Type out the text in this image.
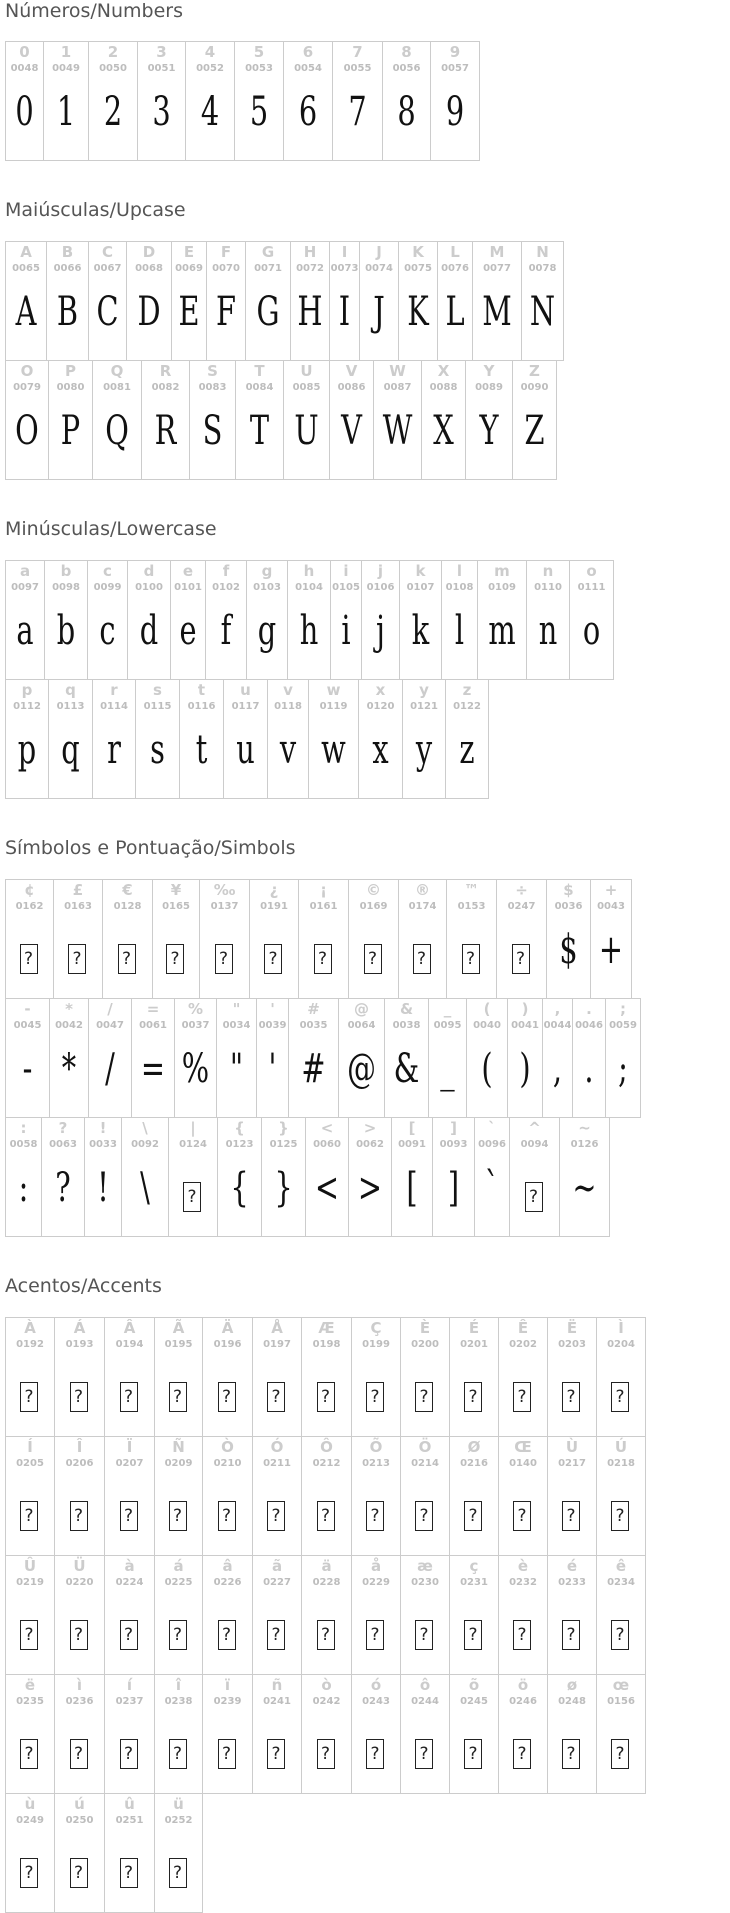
Números/Numbers
0
0048
0
1
0049
1
2
0050
2
3
0051
3
4
0052
4
5
0053
5
6
0054
6
7
0055
7
8
0056
8
9
0057
9
Maiúsculas/Upcase
A
0065
A
B
0066
B
C
0067
C
D
0068
D
E
0069
E
F
0070
F
G
0071
G
H
0072
H
I
0073
I
J
0074
J
K
0075
K
L
0076
L
M
0077
M
N
0078
N
O
0079
O
P
0080
P
Q
0081
Q
R
0082
R
S
0083
S
T
0084
T
U
0085
U
V
0086
V
W
0087
W
X
0088
X
Y
0089
Y
Z
0090
Z
Minúsculas/Lowercase
a
0097
a
b
0098
b
c
0099
c
d
0100
d
e
0101
e
f
0102
f
g
0103
g
h
0104
h
i
0105
i
j
0106
j
k
0107
k
l
0108
l
m
0109
m
n
0110
n
o
0111
o
p
0112
p
q
0113
q
r
0114
r
s
0115
s
t
0116
t
u
0117
u
v
0118
v
w
0119
w
x
0120
x
y
0121
y
z
0122
z
Símbolos e Pontuação/Simbols
¢
0162
?
£
0163
?
€
0128
?
¥
0165
?
‰
0137
?
¿
0191
?
¡
0161
?
©
0169
?
®
0174
?
™
0153
?
÷
0247
?
$
0036
$
+
0043
+
-
0045
-
*
0042
*
/
0047
/
=
0061
=
%
0037
%
"
0034
"
'
0039
'
#
0035
#
@
0064
@
&
0038
&
_
0095
_
(
0040
(
)
0041
)
,
0044
,
.
0046
.
;
0059
;
:
0058
:
?
0063
?
!
0033
!
\
0092
\
|
0124
?
{
0123
{
}
0125
}
<
0060
<
>
0062
>
[
0091
[
]
0093
]
`
0096
`
^
0094
?
~
0126
~
Acentos/Accents
À
0192
?
Á
0193
?
Â
0194
?
Ã
0195
?
Ä
0196
?
Å
0197
?
Æ
0198
?
Ç
0199
?
È
0200
?
É
0201
?
Ê
0202
?
Ë
0203
?
Ì
0204
?
Í
0205
?
Î
0206
?
Ï
0207
?
Ñ
0209
?
Ò
0210
?
Ó
0211
?
Ô
0212
?
Õ
0213
?
Ö
0214
?
Ø
0216
?
Œ
0140
?
Ù
0217
?
Ú
0218
?
Û
0219
?
Ü
0220
?
à
0224
?
á
0225
?
â
0226
?
ã
0227
?
ä
0228
?
å
0229
?
æ
0230
?
ç
0231
?
è
0232
?
é
0233
?
ê
0234
?
ë
0235
?
ì
0236
?
í
0237
?
î
0238
?
ï
0239
?
ñ
0241
?
ò
0242
?
ó
0243
?
ô
0244
?
õ
0245
?
ö
0246
?
ø
0248
?
œ
0156
?
ù
0249
?
ú
0250
?
û
0251
?
ü
0252
?
